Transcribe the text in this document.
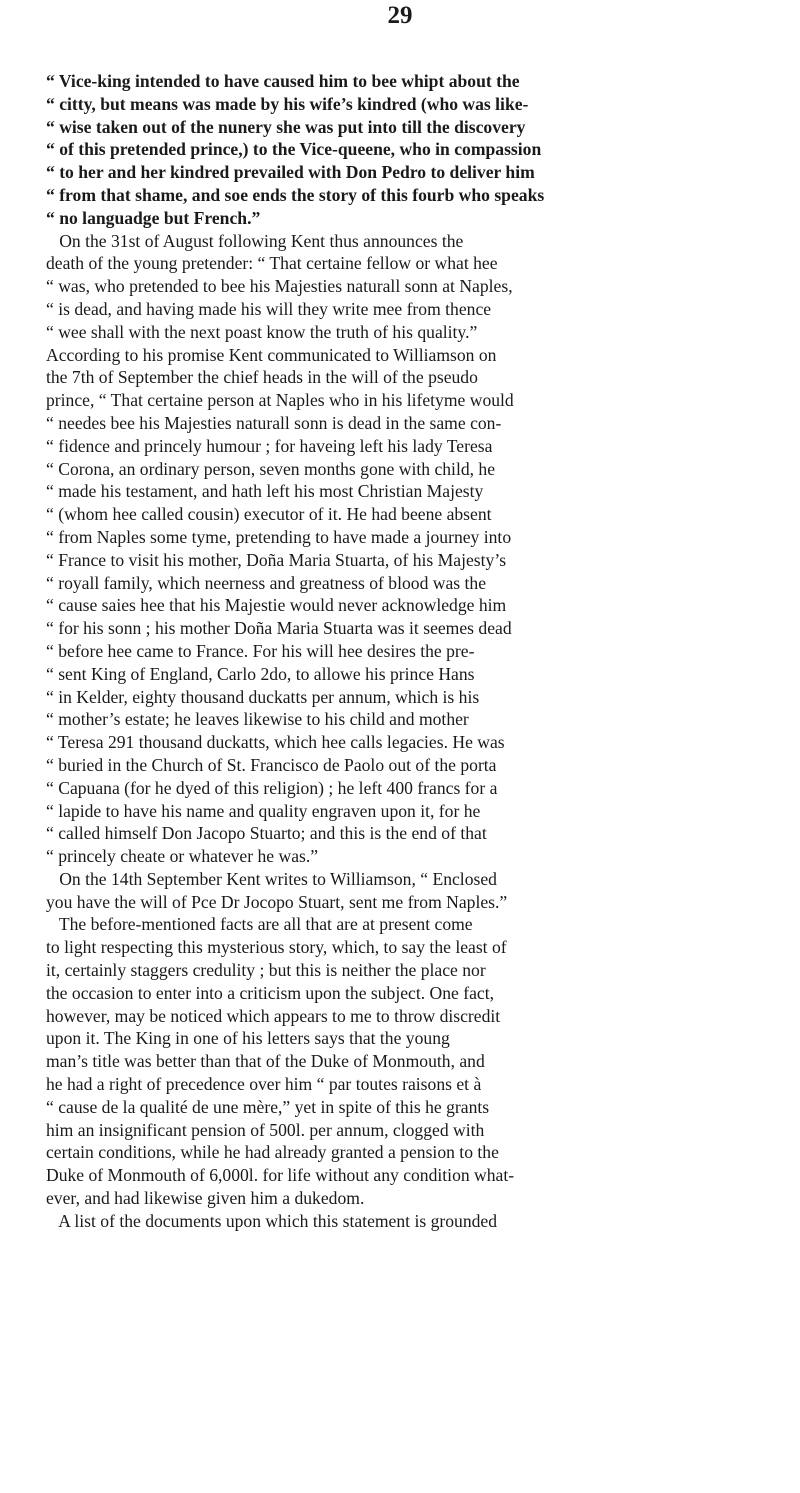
29
“ Vice-king intended to have caused him to bee whipt about the
“ citty, but means was made by his wife’s kindred (who was like-
“ wise taken out of the nunery she was put into till the discovery
“ of this pretended prince,) to the Vice-queene, who in compassion
“ to her and her kindred prevailed with Don Pedro to deliver him
“ from that shame, and soe ends the story of this fourb who speaks
“ no languadge but French.”
On the 31st of August following Kent thus announces the
death of the young pretender: “ That certaine fellow or what hee
“ was, who pretended to bee his Majesties naturall sonn at Naples,
“ is dead, and having made his will they write mee from thence
“ wee shall with the next poast know the truth of his quality.”
According to his promise Kent communicated to Williamson on
the 7th of September the chief heads in the will of the pseudo
prince, “ That certaine person at Naples who in his lifetyme would
“ needes bee his Majesties naturall sonn is dead in the same con-
“ fidence and princely humour ; for haveing left his lady Teresa
“ Corona, an ordinary person, seven months gone with child, he
“ made his testament, and hath left his most Christian Majesty
“ (whom hee called cousin) executor of it. He had beene absent
“ from Naples some tyme, pretending to have made a journey into
“ France to visit his mother, Doña Maria Stuarta, of his Majesty’s
“ royall family, which neerness and greatness of blood was the
“ cause saies hee that his Majestie would never acknowledge him
“ for his sonn ; his mother Doña Maria Stuarta was it seemes dead
“ before hee came to France. For his will hee desires the pre-
“ sent King of England, Carlo 2do, to allowe his prince Hans
“ in Kelder, eighty thousand duckatts per annum, which is his
“ mother’s estate; he leaves likewise to his child and mother
“ Teresa 291 thousand duckatts, which hee calls legacies. He was
“ buried in the Church of St. Francisco de Paolo out of the porta
“ Capuana (for he dyed of this religion) ; he left 400 francs for a
“ lapide to have his name and quality engraven upon it, for he
“ called himself Don Jacopo Stuarto; and this is the end of that
“ princely cheate or whatever he was.”
On the 14th September Kent writes to Williamson, “ Enclosed
you have the will of Pce Dr Jocopo Stuart, sent me from Naples.”
The before-mentioned facts are all that are at present come
to light respecting this mysterious story, which, to say the least of
it, certainly staggers credulity ; but this is neither the place nor
the occasion to enter into a criticism upon the subject. One fact,
however, may be noticed which appears to me to throw discredit
upon it. The King in one of his letters says that the young
man’s title was better than that of the Duke of Monmouth, and
he had a right of precedence over him “ par toutes raisons et à
“ cause de la qualité de une mère,” yet in spite of this he grants
him an insignificant pension of 500l. per annum, clogged with
certain conditions, while he had already granted a pension to the
Duke of Monmouth of 6,000l. for life without any condition what-
ever, and had likewise given him a dukedom.
A list of the documents upon which this statement is grounded
